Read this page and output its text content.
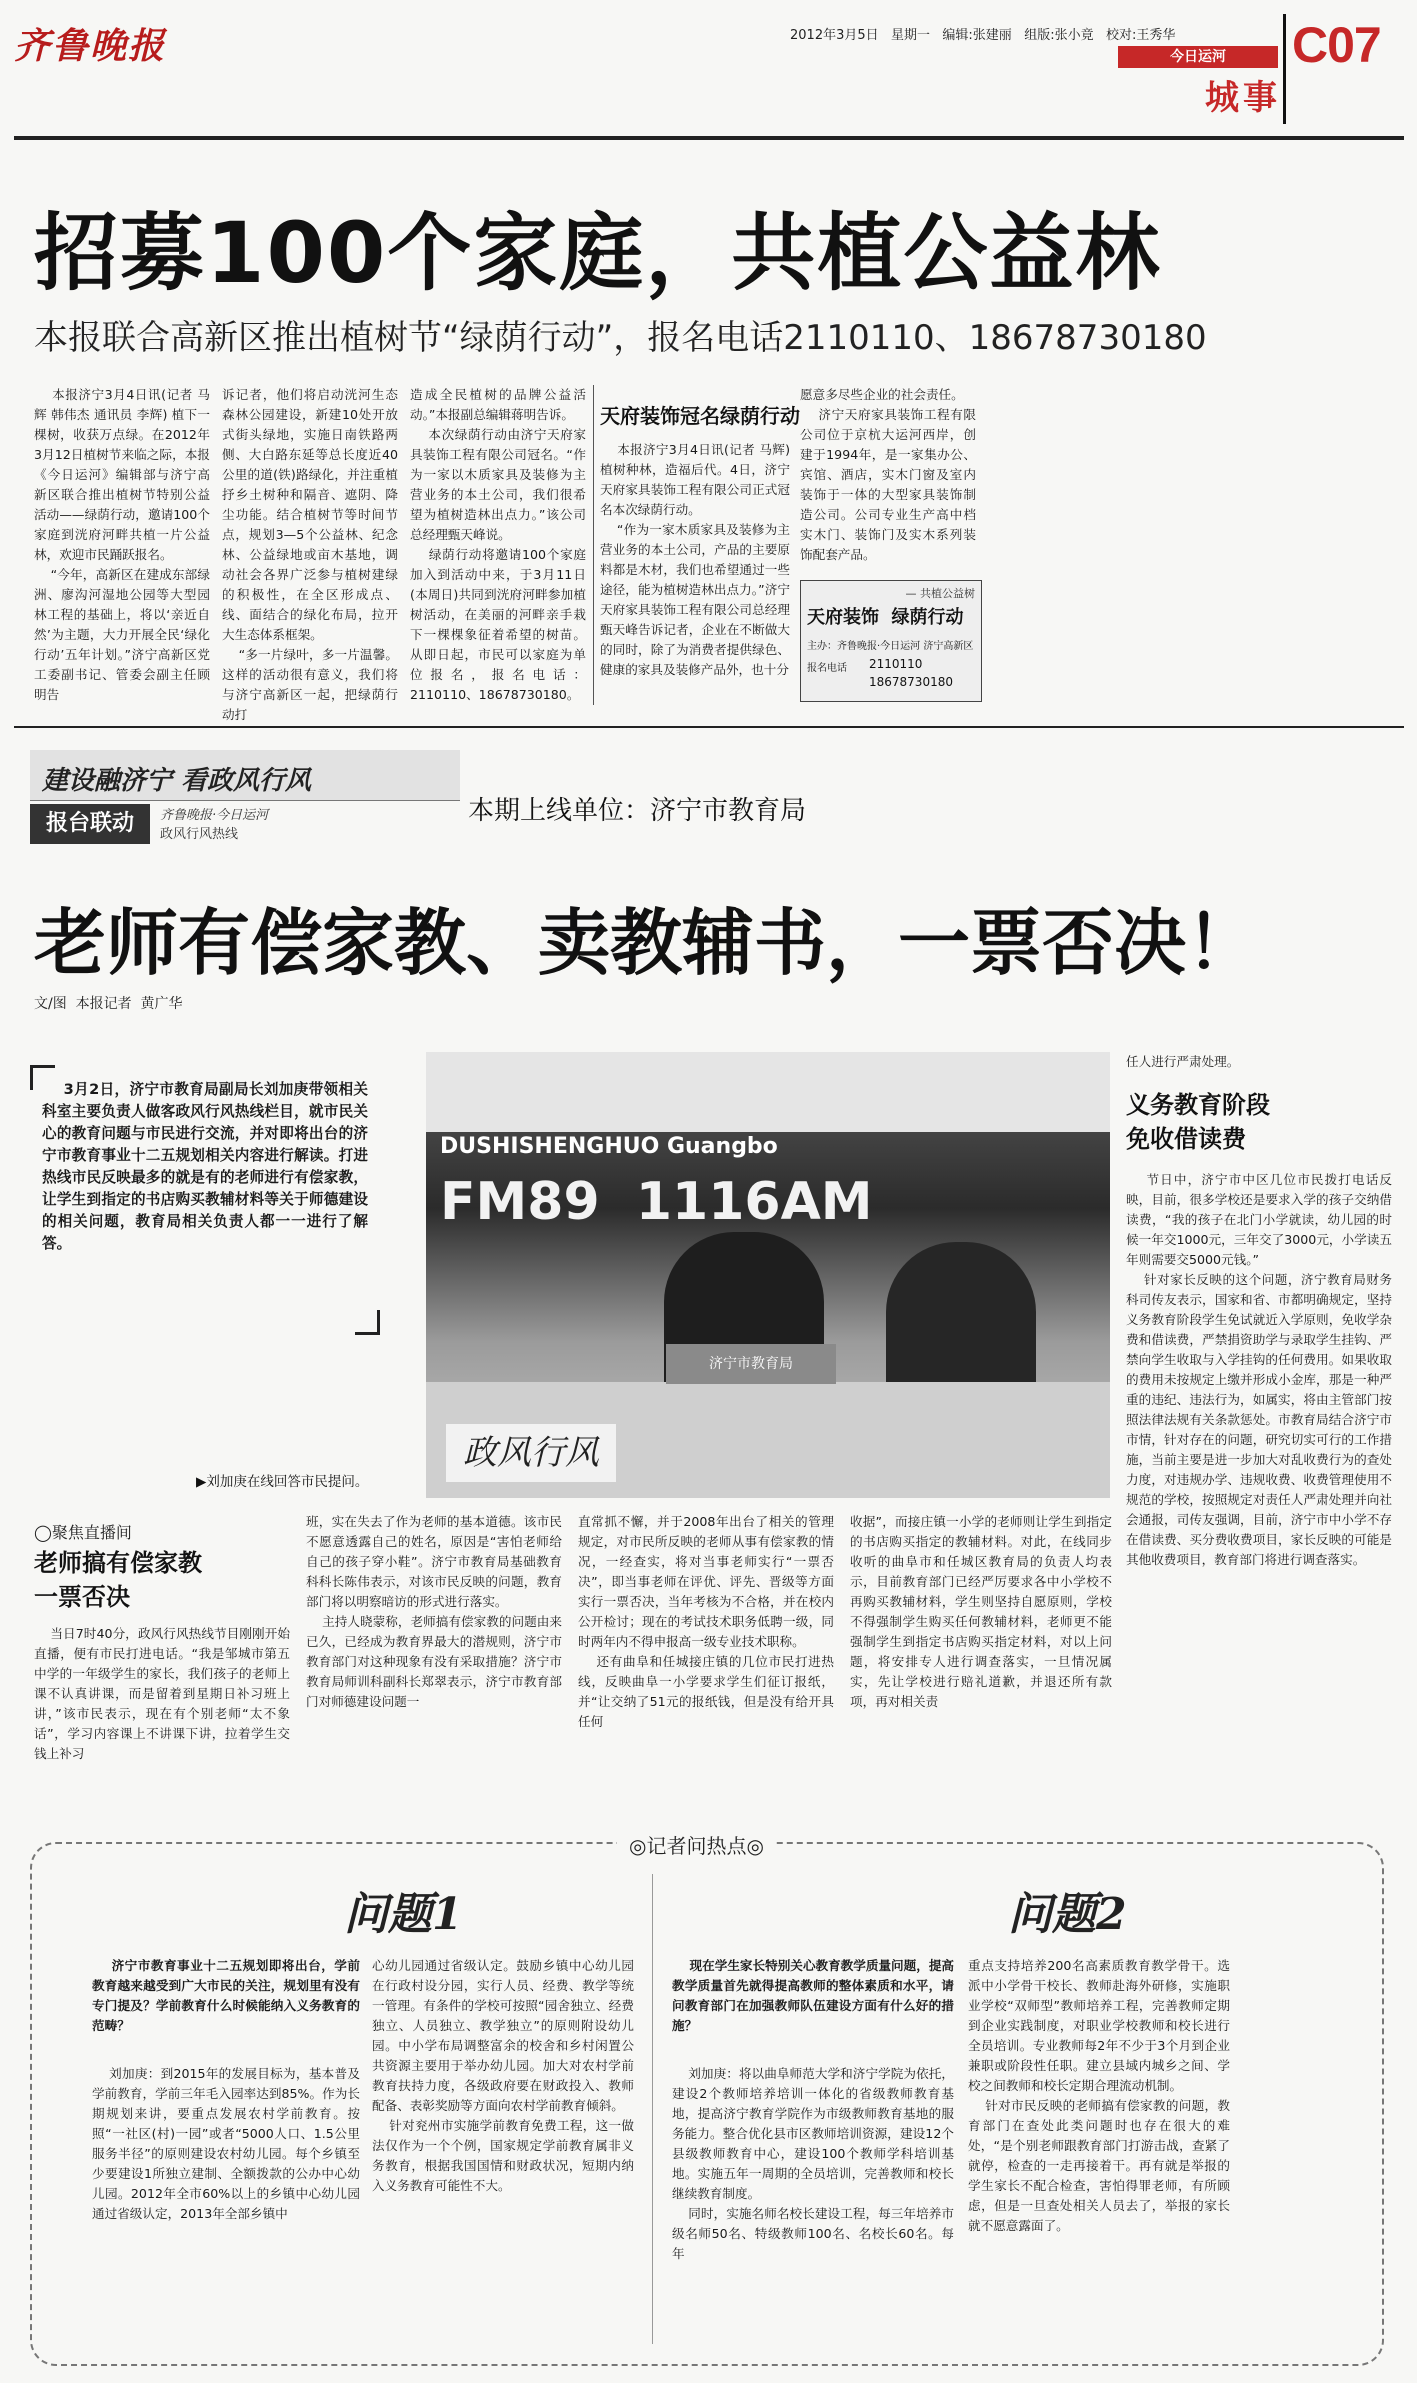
齐鲁晚报	2012年3月5日   星期一   编辑:张建丽   组版:张小竟   校对:王秀华
今日运河
城事
C07
招募100个家庭，共植公益林
本报联合高新区推出植树节“绿荫行动”，报名电话2110110、18678730180
本报济宁3月4日讯(记者 马辉 韩伟杰 通讯员 李辉) 植下一棵树，收获万点绿。在2012年3月12日植树节来临之际，本报《今日运河》编辑部与济宁高新区联合推出植树节特别公益活动——绿荫行动，邀请100个家庭到洸府河畔共植一片公益林，欢迎市民踊跃报名。
“今年，高新区在建成东部绿洲、廖沟河湿地公园等大型园林工程的基础上，将以‘亲近自然’为主题，大力开展全民‘绿化行动’五年计划。”济宁高新区党工委副书记、管委会副主任顾明告
诉记者，他们将启动洸河生态森林公园建设，新建10处开放式街头绿地，实施日南铁路两侧、大白路东延等总长度近40公里的道(铁)路绿化，并注重植抒乡土树种和隔音、遮阴、降尘功能。结合植树节等时间节点，规划3—5个公益林、纪念林、公益绿地或亩木基地，调动社会各界广泛参与植树建绿的积极性，在全区形成点、线、面结合的绿化布局，拉开大生态体系框架。
“多一片绿叶，多一片温馨。这样的活动很有意义，我们将与济宁高新区一起，把绿荫行动打
造成全民植树的品牌公益活动。”本报副总编辑蒋明告诉。
本次绿荫行动由济宁天府家具装饰工程有限公司冠名。“作为一家以木质家具及装修为主营业务的本土公司，我们很希望为植树造林出点力。”该公司总经理甄天峰说。
绿荫行动将邀请100个家庭加入到活动中来，于3月11日(本周日)共同到洸府河畔参加植树活动，在美丽的河畔亲手栽下一棵棵象征着希望的树苗。从即日起，市民可以家庭为单位报名，报名电话：2110110、18678730180。
天府装饰冠名绿荫行动
本报济宁3月4日讯(记者 马辉) 植树种林，造福后代。4日，济宁天府家具装饰工程有限公司正式冠名本次绿荫行动。
“作为一家木质家具及装修为主营业务的本土公司，产品的主要原料都是木材，我们也希望通过一些途径，能为植树造林出点力。”济宁天府家具装饰工程有限公司总经理甄天峰告诉记者，企业在不断做大的同时，除了为消费者提供绿色、健康的家具及装修产品外，也十分
愿意多尽些企业的社会责任。
济宁天府家具装饰工程有限公司位于京杭大运河西岸，创建于1994年，是一家集办公、宾馆、酒店，实木门窗及室内装饰于一体的大型家具装饰制造公司。公司专业生产高中档实木门、装饰门及实木系列装饰配套产品。
— 共植公益树
天府装饰  绿荫行动
主办：齐鲁晚报·今日运河 济宁高新区
报名电话 2110110
18678730180
建设融济宁 看政风行风
报台联动	齐鲁晚报·今日运河
政风行风热线
本期上线单位：济宁市教育局
老师有偿家教、卖教辅书，一票否决！
文/图  本报记者  黄广华
3月2日，济宁市教育局副局长刘加庚带领相关科室主要负责人做客政风行风热线栏目，就市民关心的教育问题与市民进行交流，并对即将出台的济宁市教育事业十二五规划相关内容进行解读。打进热线市民反映最多的就是有的老师进行有偿家教，让学生到指定的书店购买教辅材料等关于师德建设的相关问题，教育局相关负责人都一一进行了解答。
DUSHISHENGHUO Guangbo
FM89  1116AM
济宁市教育局
政风行风
▶刘加庚在线回答市民提问。
任人进行严肃处理。
义务教育阶段
免收借读费
节日中，济宁市中区几位市民拨打电话反映，目前，很多学校还是要求入学的孩子交纳借读费，“我的孩子在北门小学就读，幼儿园的时候一年交1000元，三年交了3000元，小学读五年则需要交5000元钱。”
针对家长反映的这个问题，济宁教育局财务科司传友表示，国家和省、市都明确规定，坚持义务教育阶段学生免试就近入学原则，免收学杂费和借读费，严禁捐资助学与录取学生挂钩、严禁向学生收取与入学挂钩的任何费用。如果收取的费用未按规定上缴并形成小金库，那是一种严重的违纪、违法行为，如属实，将由主管部门按照法律法规有关条款惩处。市教育局结合济宁市市情，针对存在的问题，研究切实可行的工作措施，当前主要是进一步加大对乱收费行为的查处力度，对违规办学、违规收费、收费管理使用不规范的学校，按照规定对责任人严肃处理并向社会通报，司传友强调，目前，济宁市中小学不存在借读费、买分费收费项目，家长反映的可能是其他收费项目，教育部门将进行调查落实。
◯聚焦直播间
老师搞有偿家教
一票否决
当日7时40分，政风行风热线节目刚刚开始直播，便有市民打进电话。“我是邹城市第五中学的一年级学生的家长，我们孩子的老师上课不认真讲课，而是留着到星期日补习班上讲，”该市民表示，现在有个别老师“太不象话”，学习内容课上不讲课下讲，拉着学生交钱上补习
班，实在失去了作为老师的基本道德。该市民不愿意透露自己的姓名，原因是“害怕老师给自己的孩子穿小鞋”。济宁市教育局基础教育科科长陈伟表示，对该市民反映的问题，教育部门将以明察暗访的形式进行落实。
主持人晓蒙称，老师搞有偿家教的问题由来已久，已经成为教育界最大的潜规则，济宁市教育部门对这种现象有没有采取措施？济宁市教育局师训科副科长郑翠表示，济宁市教育部门对师德建设问题一
直常抓不懈，并于2008年出台了相关的管理规定，对市民所反映的老师从事有偿家教的情况，一经查实，将对当事老师实行“一票否决”，即当事老师在评优、评先、晋级等方面实行一票否决，当年考核为不合格，并在校内公开检讨；现在的考试技术职务低聘一级，同时两年内不得申报高一级专业技术职称。
还有曲阜和任城接庄镇的几位市民打进热线，反映曲阜一小学要求学生们征订报纸，并“让交纳了51元的报纸钱，但是没有给开具任何
收据”，而接庄镇一小学的老师则让学生到指定的书店购买指定的教辅材料。对此，在线同步收听的曲阜市和任城区教育局的负责人均表示，目前教育部门已经严厉要求各中小学校不再购买教辅材料，学生则坚持自愿原则，学校不得强制学生购买任何教辅材料，老师更不能强制学生到指定书店购买指定材料，对以上问题，将安排专人进行调查落实，一旦情况属实，先让学校进行赔礼道歉，并退还所有款项，再对相关责
◎记者问热点◎
问题1
济宁市教育事业十二五规划即将出台，学前教育越来越受到广大市民的关注，规划里有没有专门提及？学前教育什么时候能纳入义务教育的范畴？
刘加庚：到2015年的发展目标为，基本普及学前教育，学前三年毛入园率达到85%。作为长期规划来讲，要重点发展农村学前教育。按照“一社区(村)一园”或者“5000人口、1.5公里服务半径”的原则建设农村幼儿园。每个乡镇至少要建设1所独立建制、全额拨款的公办中心幼儿园。2012年全市60%以上的乡镇中心幼儿园通过省级认定，2013年全部乡镇中
心幼儿园通过省级认定。鼓励乡镇中心幼儿园在行政村设分园，实行人员、经费、教学等统一管理。有条件的学校可按照“园舍独立、经费独立、人员独立、教学独立”的原则附设幼儿园。中小学布局调整富余的校舍和乡村闲置公共资源主要用于举办幼儿园。加大对农村学前教育扶持力度，各级政府要在财政投入、教师配备、表彰奖励等方面向农村学前教育倾斜。
针对兖州市实施学前教育免费工程，这一做法仅作为一个个例，国家规定学前教育属非义务教育，根据我国国情和财政状况，短期内纳入义务教育可能性不大。
问题2
现在学生家长特别关心教育教学质量问题，提高教学质量首先就得提高教师的整体素质和水平，请问教育部门在加强教师队伍建设方面有什么好的措施？
刘加庚：将以曲阜师范大学和济宁学院为依托，建设2个教师培养培训一体化的省级教师教育基地，提高济宁教育学院作为市级教师教育基地的服务能力。整合优化县市区教师培训资源，建设12个县级教师教育中心，建设100个教师学科培训基地。实施五年一周期的全员培训，完善教师和校长继续教育制度。
同时，实施名师名校长建设工程，每三年培养市级名师50名、特级教师100名、名校长60名。每年
重点支持培养200名高素质教育教学骨干。选派中小学骨干校长、教师赴海外研修，实施职业学校“双师型”教师培养工程，完善教师定期到企业实践制度，对职业学校教师和校长进行全员培训。专业教师每2年不少于3个月到企业兼职或阶段性任职。建立县域内城乡之间、学校之间教师和校长定期合理流动机制。
针对市民反映的老师搞有偿家教的问题，教育部门在查处此类问题时也存在很大的难处，“是个别老师跟教育部门打游击战，查紧了就停，检查的一走再接着干。再有就是举报的学生家长不配合检查，害怕得罪老师，有所顾虑，但是一旦查处相关人员去了，举报的家长就不愿意露面了。
